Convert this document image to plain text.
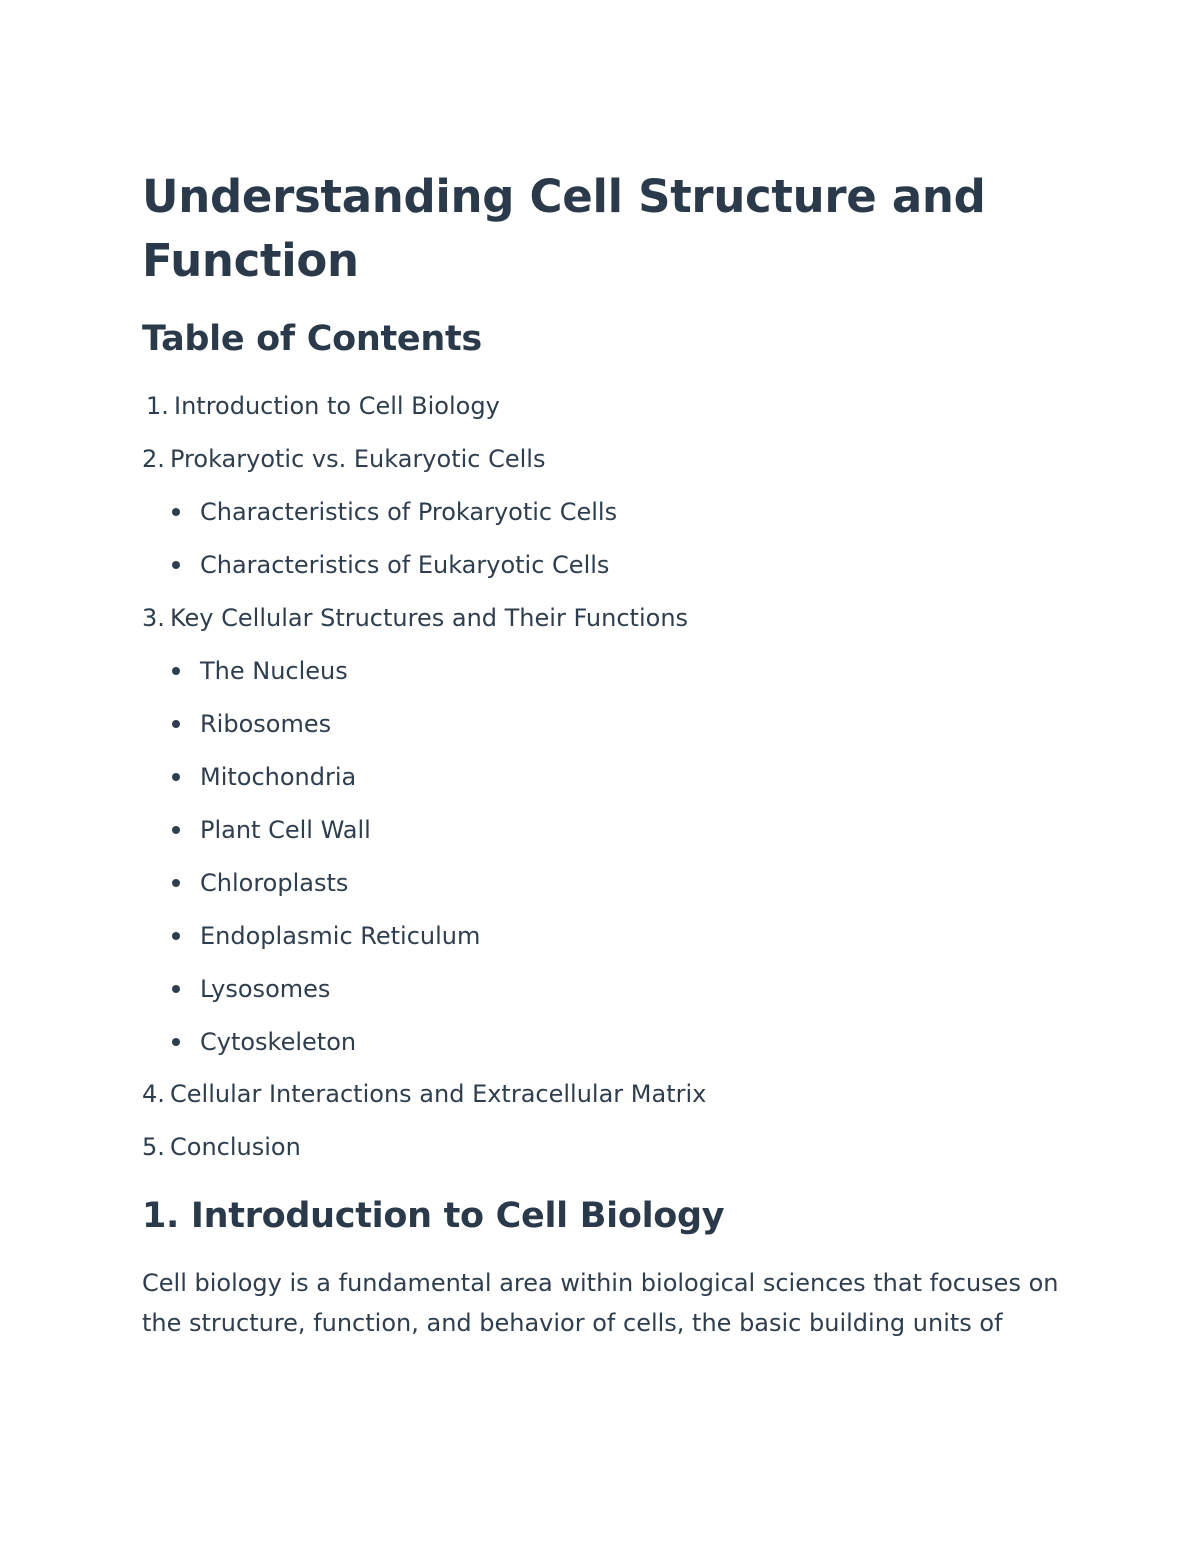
Understanding Cell Structure and Function
Table of Contents
1. Introduction to Cell Biology
2. Prokaryotic vs. Eukaryotic Cells
Characteristics of Prokaryotic Cells
Characteristics of Eukaryotic Cells
3. Key Cellular Structures and Their Functions
The Nucleus
Ribosomes
Mitochondria
Plant Cell Wall
Chloroplasts
Endoplasmic Reticulum
Lysosomes
Cytoskeleton
4. Cellular Interactions and Extracellular Matrix
5. Conclusion
1. Introduction to Cell Biology

Cell biology is a fundamental area within biological sciences that focuses on the structure, function, and behavior of cells, the basic building units of
